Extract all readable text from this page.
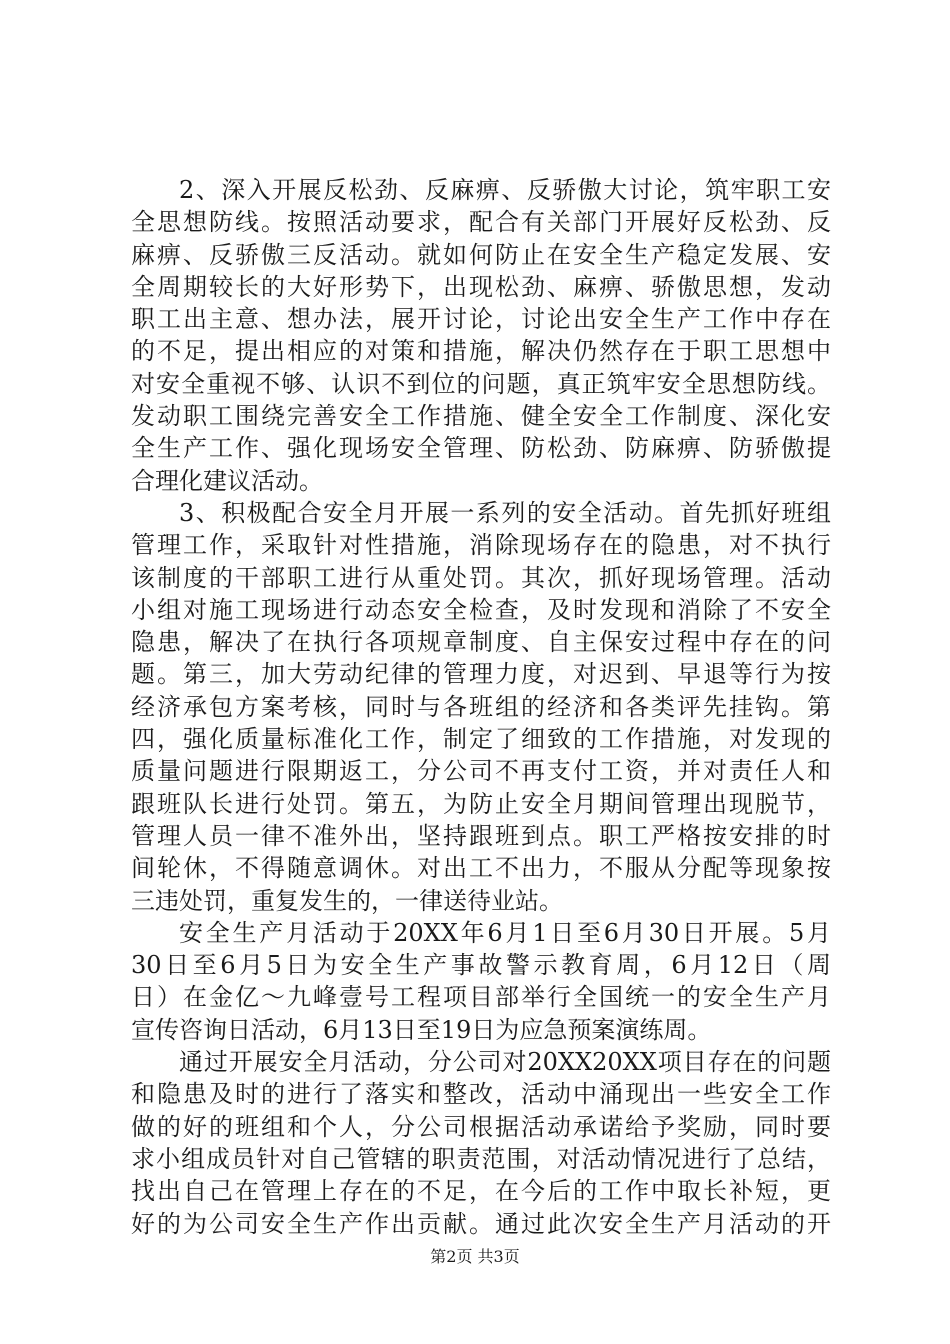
2、深入开展反松劲、反麻痹、反骄傲大讨论，筑牢职工安
全思想防线。按照活动要求，配合有关部门开展好反松劲、反
麻痹、反骄傲三反活动。就如何防止在安全生产稳定发展、安
全周期较长的大好形势下，出现松劲、麻痹、骄傲思想，发动
职工出主意、想办法，展开讨论，讨论出安全生产工作中存在
的不足，提出相应的对策和措施，解决仍然存在于职工思想中
对安全重视不够、认识不到位的问题，真正筑牢安全思想防线。
发动职工围绕完善安全工作措施、健全安全工作制度、深化安
全生产工作、强化现场安全管理、防松劲、防麻痹、防骄傲提
合理化建议活动。
3、积极配合安全月开展一系列的安全活动。首先抓好班组
管理工作，采取针对性措施，消除现场存在的隐患，对不执行
该制度的干部职工进行从重处罚。其次，抓好现场管理。活动
小组对施工现场进行动态安全检查，及时发现和消除了不安全
隐患，解决了在执行各项规章制度、自主保安过程中存在的问
题。第三，加大劳动纪律的管理力度，对迟到、早退等行为按
经济承包方案考核，同时与各班组的经济和各类评先挂钩。第
四，强化质量标准化工作，制定了细致的工作措施，对发现的
质量问题进行限期返工，分公司不再支付工资，并对责任人和
跟班队长进行处罚。第五，为防止安全月期间管理出现脱节，
管理人员一律不准外出，坚持跟班到点。职工严格按安排的时
间轮休，不得随意调休。对出工不出力，不服从分配等现象按
三违处罚，重复发生的，一律送待业站。
安全生产月活动于20XX年6月1日至6月30日开展。5月
30日至6月5日为安全生产事故警示教育周，6月12日（周
日）在金亿～九峰壹号工程项目部举行全国统一的安全生产月
宣传咨询日活动，6月13日至19日为应急预案演练周。
通过开展安全月活动，分公司对20XX20XX项目存在的问题
和隐患及时的进行了落实和整改，活动中涌现出一些安全工作
做的好的班组和个人，分公司根据活动承诺给予奖励，同时要
求小组成员针对自己管辖的职责范围，对活动情况进行了总结，
找出自己在管理上存在的不足，在今后的工作中取长补短，更
好的为公司安全生产作出贡献。通过此次安全生产月活动的开
第2页 共3页
